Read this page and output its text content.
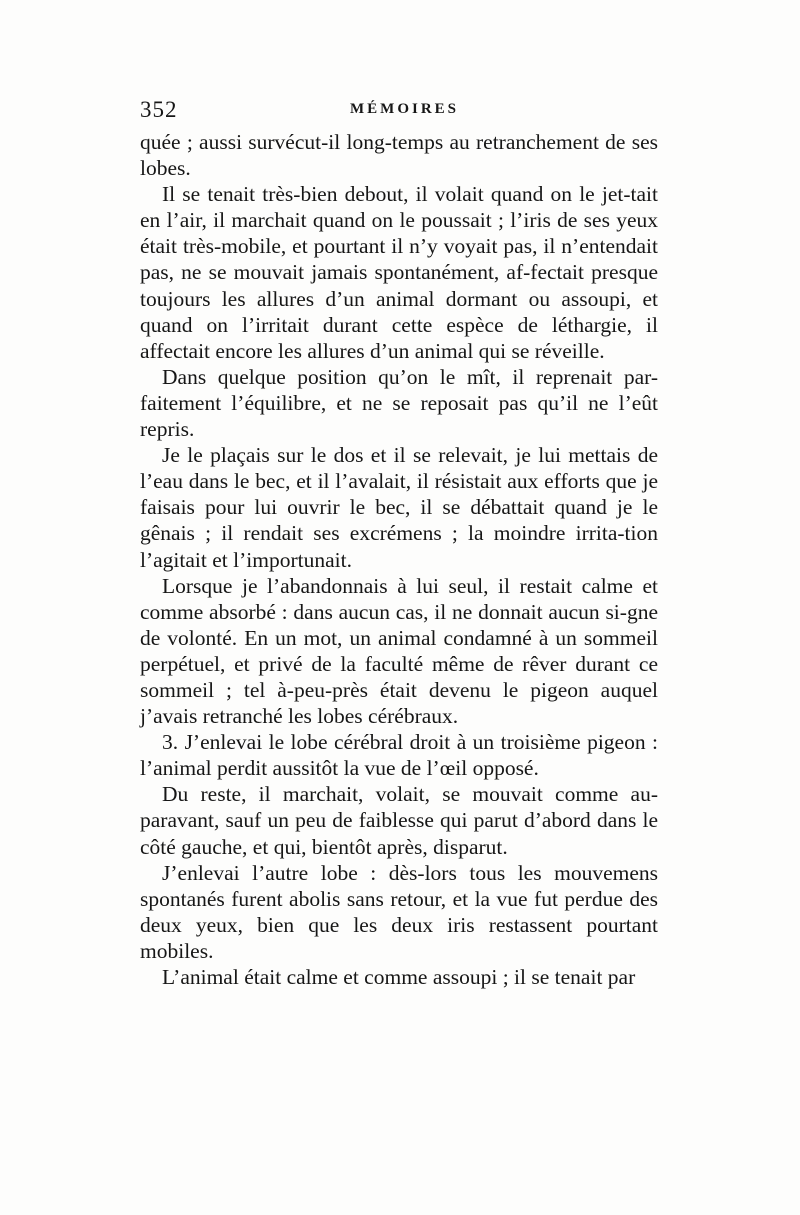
352	MÉMOIRES

quée ; aussi survécut-il long-temps au retranchement de ses lobes.

Il se tenait très-bien debout, il volait quand on le jet-tait en l’air, il marchait quand on le poussait ; l’iris de ses yeux était très-mobile, et pourtant il n’y voyait pas, il n’entendait pas, ne se mouvait jamais spontanément, af-fectait presque toujours les allures d’un animal dormant ou assoupi, et quand on l’irritait durant cette espèce de léthargie, il affectait encore les allures d’un animal qui se réveille.

Dans quelque position qu’on le mît, il reprenait par-faitement l’équilibre, et ne se reposait pas qu’il ne l’eût repris.

Je le plaçais sur le dos et il se relevait, je lui mettais de l’eau dans le bec, et il l’avalait, il résistait aux efforts que je faisais pour lui ouvrir le bec, il se débattait quand je le gênais ; il rendait ses excrémens ; la moindre irrita-tion l’agitait et l’importunait.

Lorsque je l’abandonnais à lui seul, il restait calme et comme absorbé : dans aucun cas, il ne donnait aucun si-gne de volonté. En un mot, un animal condamné à un sommeil perpétuel, et privé de la faculté même de rêver durant ce sommeil ; tel à-peu-près était devenu le pigeon auquel j’avais retranché les lobes cérébraux.

3. J’enlevai le lobe cérébral droit à un troisième pigeon : l’animal perdit aussitôt la vue de l’œil opposé.

Du reste, il marchait, volait, se mouvait comme au-paravant, sauf un peu de faiblesse qui parut d’abord dans le côté gauche, et qui, bientôt après, disparut.

J’enlevai l’autre lobe : dès-lors tous les mouvemens spontanés furent abolis sans retour, et la vue fut perdue des deux yeux, bien que les deux iris restassent pourtant mobiles.

L’animal était calme et comme assoupi ; il se tenait par
